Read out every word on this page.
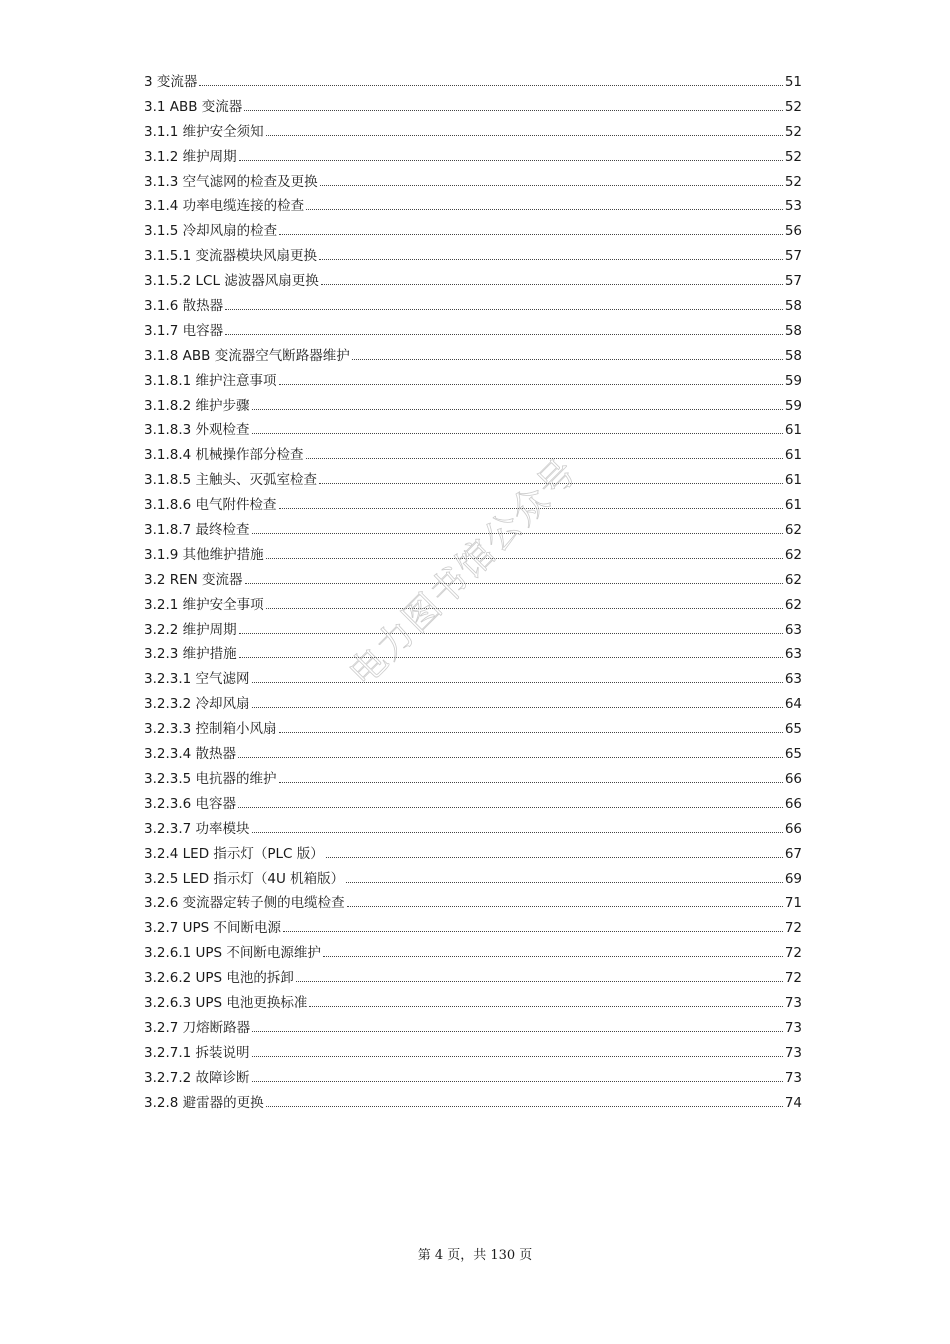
3 变流器	51
3.1 ABB 变流器	52
3.1.1 维护安全须知	52
3.1.2 维护周期	52
3.1.3 空气滤网的检查及更换	52
3.1.4 功率电缆连接的检查	53
3.1.5 冷却风扇的检查	56
3.1.5.1 变流器模块风扇更换	57
3.1.5.2 LCL 滤波器风扇更换	57
3.1.6 散热器	58
3.1.7 电容器	58
3.1.8 ABB 变流器空气断路器维护	58
3.1.8.1 维护注意事项	59
3.1.8.2 维护步骤	59
3.1.8.3 外观检查	61
3.1.8.4 机械操作部分检查	61
3.1.8.5 主触头、灭弧室检查	61
3.1.8.6 电气附件检查	61
3.1.8.7 最终检查	62
3.1.9 其他维护措施	62
3.2 REN 变流器	62
3.2.1 维护安全事项	62
3.2.2 维护周期	63
3.2.3 维护措施	63
3.2.3.1 空气滤网	63
3.2.3.2 冷却风扇	64
3.2.3.3 控制箱小风扇	65
3.2.3.4 散热器	65
3.2.3.5 电抗器的维护	66
3.2.3.6 电容器	66
3.2.3.7 功率模块	66
3.2.4 LED 指示灯（PLC 版）	67
3.2.5 LED 指示灯（4U 机箱版）	69
3.2.6 变流器定转子侧的电缆检查	71
3.2.7 UPS 不间断电源	72
3.2.6.1 UPS 不间断电源维护	72
3.2.6.2 UPS 电池的拆卸	72
3.2.6.3 UPS 电池更换标准	73
3.2.7 刀熔断路器	73
3.2.7.1 拆装说明	73
3.2.7.2 故障诊断	73
3.2.8 避雷器的更换	74
电力图书馆公众号
第 4 页，共 130 页
